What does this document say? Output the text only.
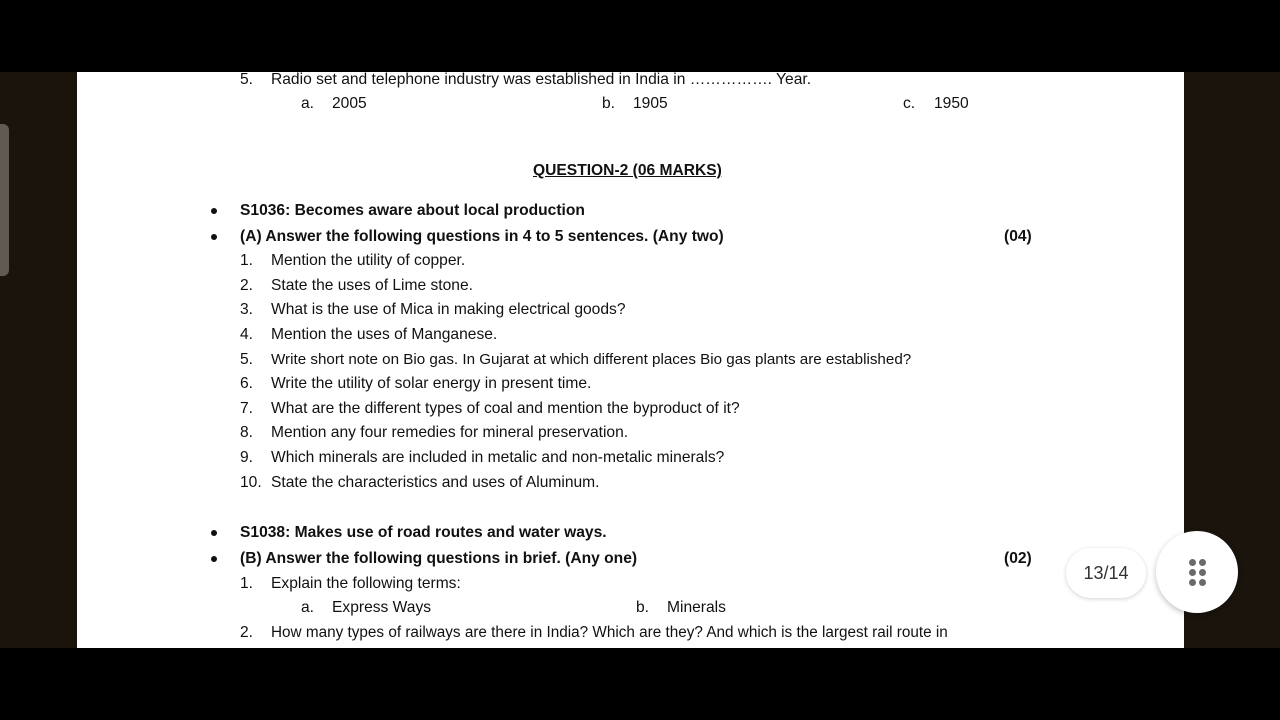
5. Radio set and telephone industry was established in India in ……………. Year.
a. 2005	b. 1905	c. 1950
QUESTION-2 (06 MARKS)
S1036: Becomes aware about local production
(A) Answer the following questions in 4 to 5 sentences. (Any two)	(04)
1. Mention the utility of copper.
2. State the uses of Lime stone.
3. What is the use of Mica in making electrical goods?
4. Mention the uses of Manganese.
5. Write short note on Bio gas. In Gujarat at which different places Bio gas plants are established?
6. Write the utility of solar energy in present time.
7. What are the different types of coal and mention the byproduct of it?
8. Mention any four remedies for mineral preservation.
9. Which minerals are included in metalic and non-metalic minerals?
10. State the characteristics and uses of Aluminum.
S1038: Makes use of road routes and water ways.
(B) Answer the following questions in brief. (Any one)	(02)
1. Explain the following terms:
a. Express Ways	b. Minerals
2. How many types of railways are there in India? Which are they? And which is the largest rail route in
13/14
